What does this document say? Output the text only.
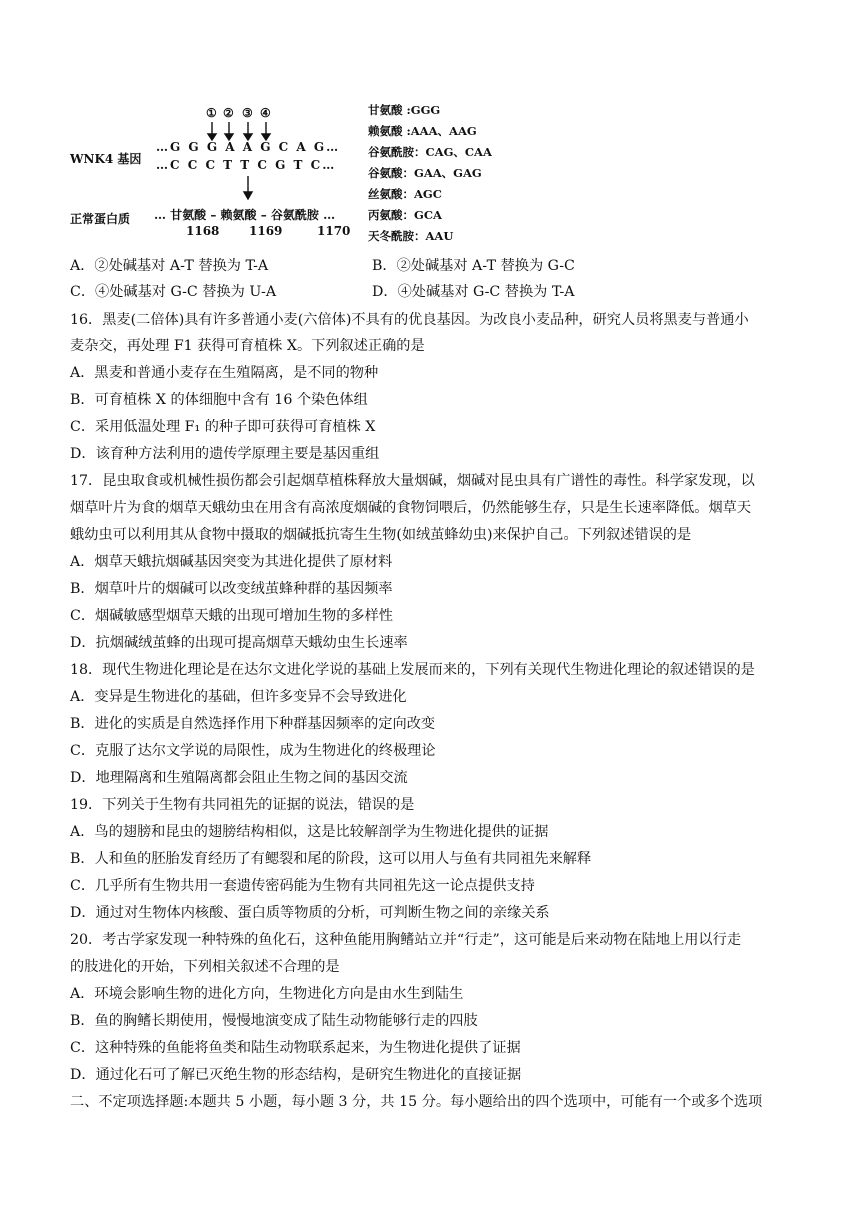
① ② ③ ④
WNK4 基因
…G G G A A G C A G…
…C C C T T C G T C…
正常蛋白质 … 甘氨酸 – 赖氨酸 – 谷氨酰胺 …
1168 1169	1170
甘氨酸 :GGG
赖氨酸 :AAA、AAG
谷氨酰胺：CAG、CAA
谷氨酸：GAA、GAG
丝氨酸：AGC
丙氨酸：GCA
天冬酰胺：AAU
A．②处碱基对 A-T 替换为 T-A	B．②处碱基对 A-T 替换为 G-C
C．④处碱基对 G-C 替换为 U-A	D．④处碱基对 G-C 替换为 T-A
16．黑麦(二倍体)具有许多普通小麦(六倍体)不具有的优良基因。为改良小麦品种，研究人员将黑麦与普通小
麦杂交，再处理 F1 获得可育植株 X。下列叙述正确的是
A．黑麦和普通小麦存在生殖隔离，是不同的物种
B．可育植株 X 的体细胞中含有 16 个染色体组
C．采用低温处理 F₁ 的种子即可获得可育植株 X
D．该育种方法利用的遗传学原理主要是基因重组
17．昆虫取食或机械性损伤都会引起烟草植株释放大量烟碱，烟碱对昆虫具有广谱性的毒性。科学家发现，以
烟草叶片为食的烟草天蛾幼虫在用含有高浓度烟碱的食物饲喂后，仍然能够生存，只是生长速率降低。烟草天
蛾幼虫可以利用其从食物中摄取的烟碱抵抗寄生生物(如绒茧蜂幼虫)来保护自己。下列叙述错误的是
A．烟草天蛾抗烟碱基因突变为其进化提供了原材料
B．烟草叶片的烟碱可以改变绒茧蜂种群的基因频率
C．烟碱敏感型烟草天蛾的出现可增加生物的多样性
D．抗烟碱绒茧蜂的出现可提高烟草天蛾幼虫生长速率
18．现代生物进化理论是在达尔文进化学说的基础上发展而来的，下列有关现代生物进化理论的叙述错误的是
A．变异是生物进化的基础，但许多变异不会导致进化
B．进化的实质是自然选择作用下种群基因频率的定向改变
C．克服了达尔文学说的局限性，成为生物进化的终极理论
D．地理隔离和生殖隔离都会阻止生物之间的基因交流
19．下列关于生物有共同祖先的证据的说法，错误的是
A．鸟的翅膀和昆虫的翅膀结构相似，这是比较解剖学为生物进化提供的证据
B．人和鱼的胚胎发育经历了有鳃裂和尾的阶段，这可以用人与鱼有共同祖先来解释
C．几乎所有生物共用一套遗传密码能为生物有共同祖先这一论点提供支持
D．通过对生物体内核酸、蛋白质等物质的分析，可判断生物之间的亲缘关系
20．考古学家发现一种特殊的鱼化石，这种鱼能用胸鳍站立并“行走”，这可能是后来动物在陆地上用以行走
的肢进化的开始，下列相关叙述不合理的是
A．环境会影响生物的进化方向，生物进化方向是由水生到陆生
B．鱼的胸鳍长期使用，慢慢地演变成了陆生动物能够行走的四肢
C．这种特殊的鱼能将鱼类和陆生动物联系起来，为生物进化提供了证据
D．通过化石可了解已灭绝生物的形态结构，是研究生物进化的直接证据
二、不定项选择题:本题共 5 小题，每小题 3 分，共 15 分。每小题给出的四个选项中，可能有一个或多个选项
